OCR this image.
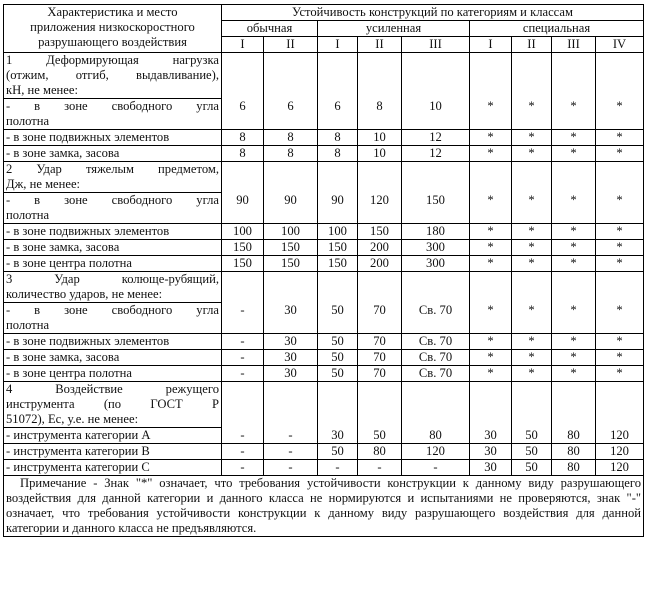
Характеристика и место
приложения низкоскоростного
разрушающего воздействия	Устойчивость конструкций по категориям и классам								
	обычная		усиленная			специальная			
	I	II	I	II	III	I	II	III	IV

1 Деформирующая нагрузка
(отжим, отгиб, выдавливание),
кН, не менее:									

- в зоне свободного угла
полотна	6	6	6	8	10	*	*	*	*

- в зоне подвижных элементов	8	8	8	10	12	*	*	*	*

- в зоне замка, засова	8	8	8	10	12	*	*	*	*

2 Удар тяжелым предметом,
Дж, не менее:									

- в зоне свободного угла
полотна	90	90	90	120	150	*	*	*	*

- в зоне подвижных элементов	100	100	100	150	180	*	*	*	*

- в зоне замка, засова	150	150	150	200	300	*	*	*	*

- в зоне центра полотна	150	150	150	200	300	*	*	*	*

3 Удар колюще-рубящий,
количество ударов, не менее:									

- в зоне свободного угла
полотна	-	30	50	70	Св. 70	*	*	*	*

- в зоне подвижных элементов	-	30	50	70	Св. 70	*	*	*	*

- в зоне замка, засова	-	30	50	70	Св. 70	*	*	*	*

- в зоне центра полотна	-	30	50	70	Св. 70	*	*	*	*

4 Воздействие режущего
инструмента (по ГОСТ Р
51072), Eс, у.е. не менее:									

- инструмента категории А	-	-	30	50	80	30	50	80	120

- инструмента категории В	-	-	50	80	120	30	50	80	120

- инструмента категории С	-	-	-	-	-	30	50	80	120
Примечание - Знак "*" означает, что требования устойчивости конструкции к данному виду разрушающего воздействия для данной категории и данного класса не нормируются и испытаниями не проверяются, знак "-" означает, что требования устойчивости конструкции к данному виду разрушающего воздействия для данной категории и данного класса не предъявляются.									
